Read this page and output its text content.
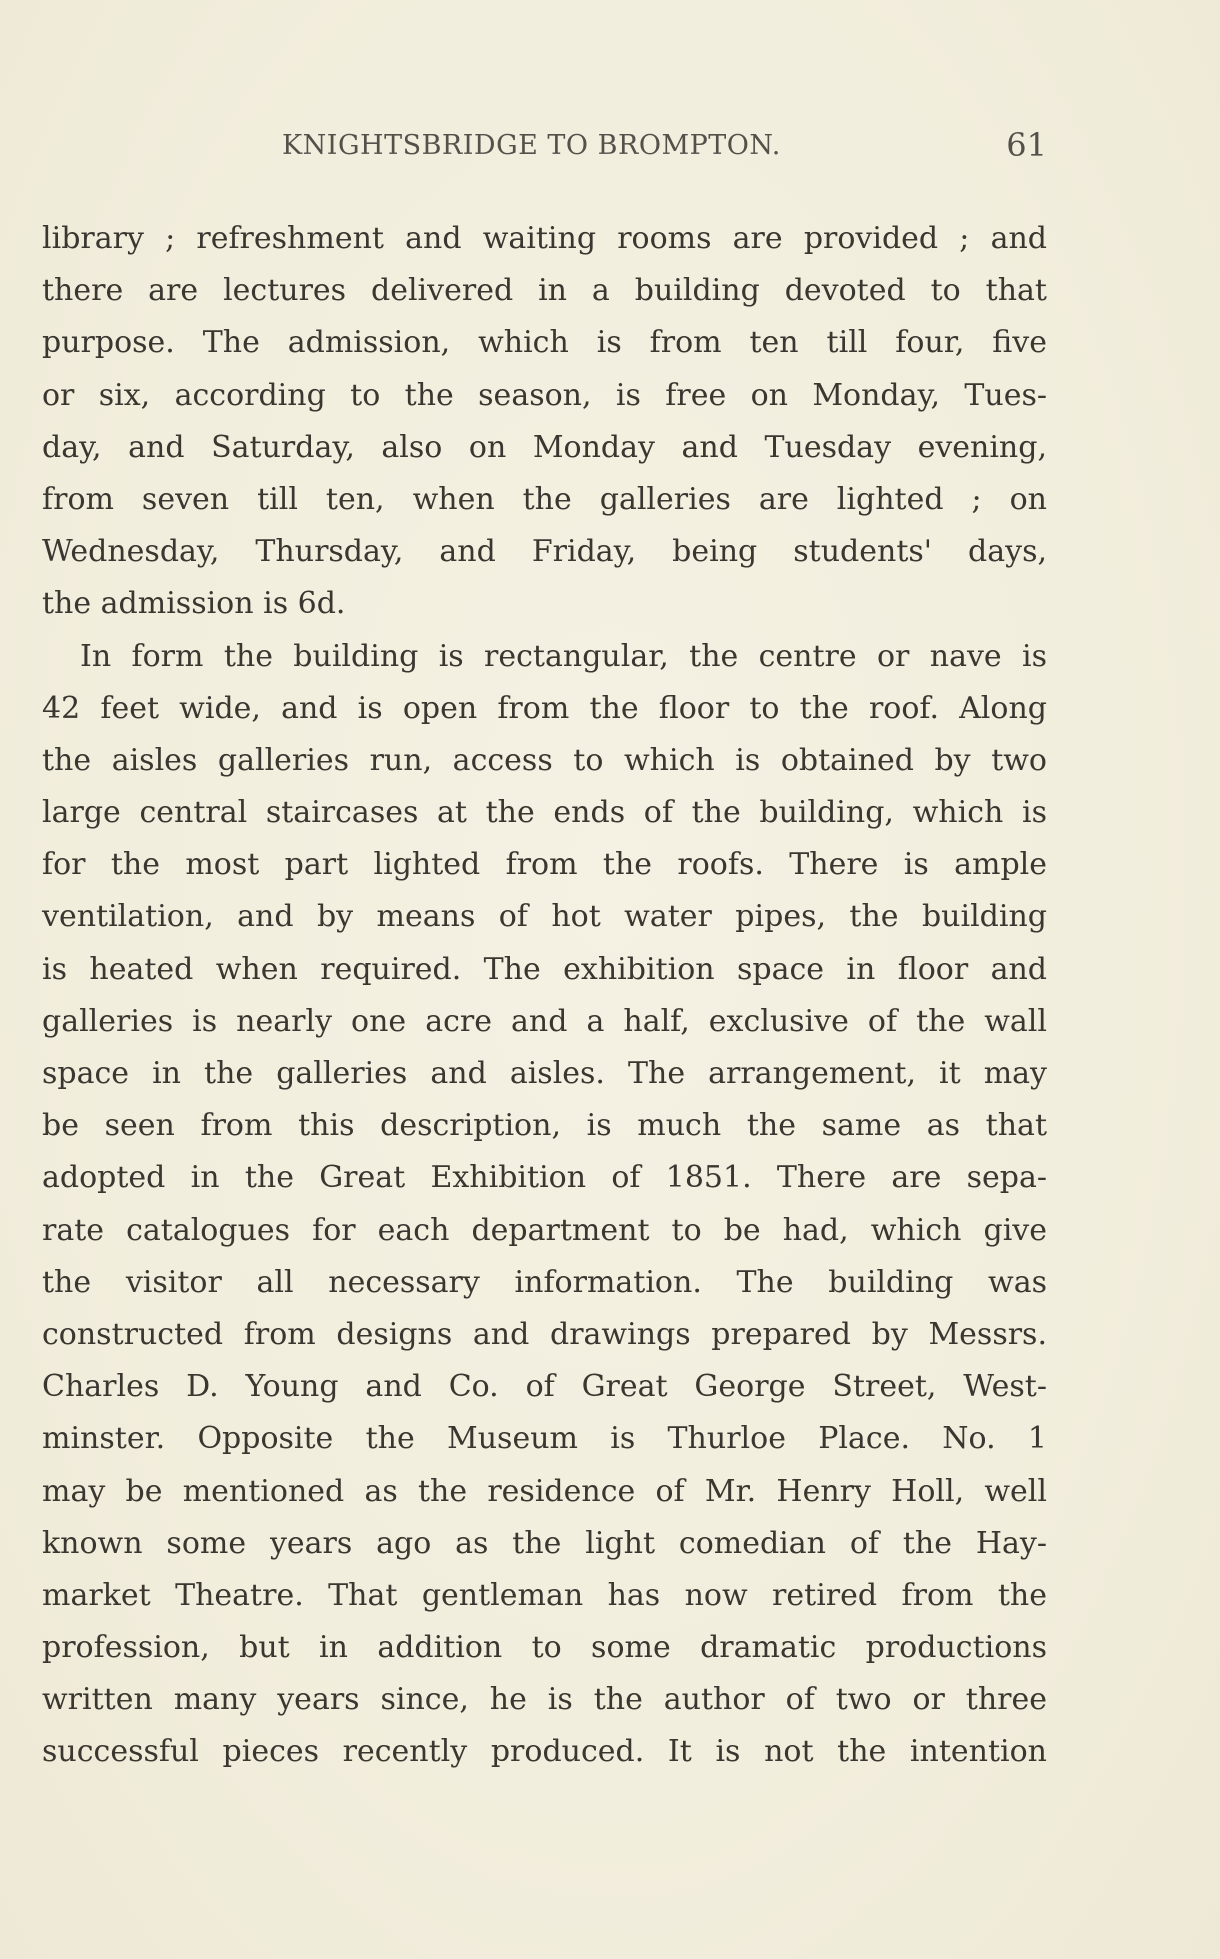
KNIGHTSBRIDGE TO BROMPTON.	61
library ; refreshment and waiting rooms are provided ; and
there are lectures delivered in a building devoted to that
purpose. The admission, which is from ten till four, five
or six, according to the season, is free on Monday, Tues-
day, and Saturday, also on Monday and Tuesday evening,
from seven till ten, when the galleries are lighted ; on
Wednesday, Thursday, and Friday, being students' days,
the admission is 6d.
In form the building is rectangular, the centre or nave is
42 feet wide, and is open from the floor to the roof. Along
the aisles galleries run, access to which is obtained by two
large central staircases at the ends of the building, which is
for the most part lighted from the roofs. There is ample
ventilation, and by means of hot water pipes, the building
is heated when required. The exhibition space in floor and
galleries is nearly one acre and a half, exclusive of the wall
space in the galleries and aisles. The arrangement, it may
be seen from this description, is much the same as that
adopted in the Great Exhibition of 1851. There are sepa-
rate catalogues for each department to be had, which give
the visitor all necessary information. The building was
constructed from designs and drawings prepared by Messrs.
Charles D. Young and Co. of Great George Street, West-
minster. Opposite the Museum is Thurloe Place. No. 1
may be mentioned as the residence of Mr. Henry Holl, well
known some years ago as the light comedian of the Hay-
market Theatre. That gentleman has now retired from the
profession, but in addition to some dramatic productions
written many years since, he is the author of two or three
successful pieces recently produced. It is not the intention
